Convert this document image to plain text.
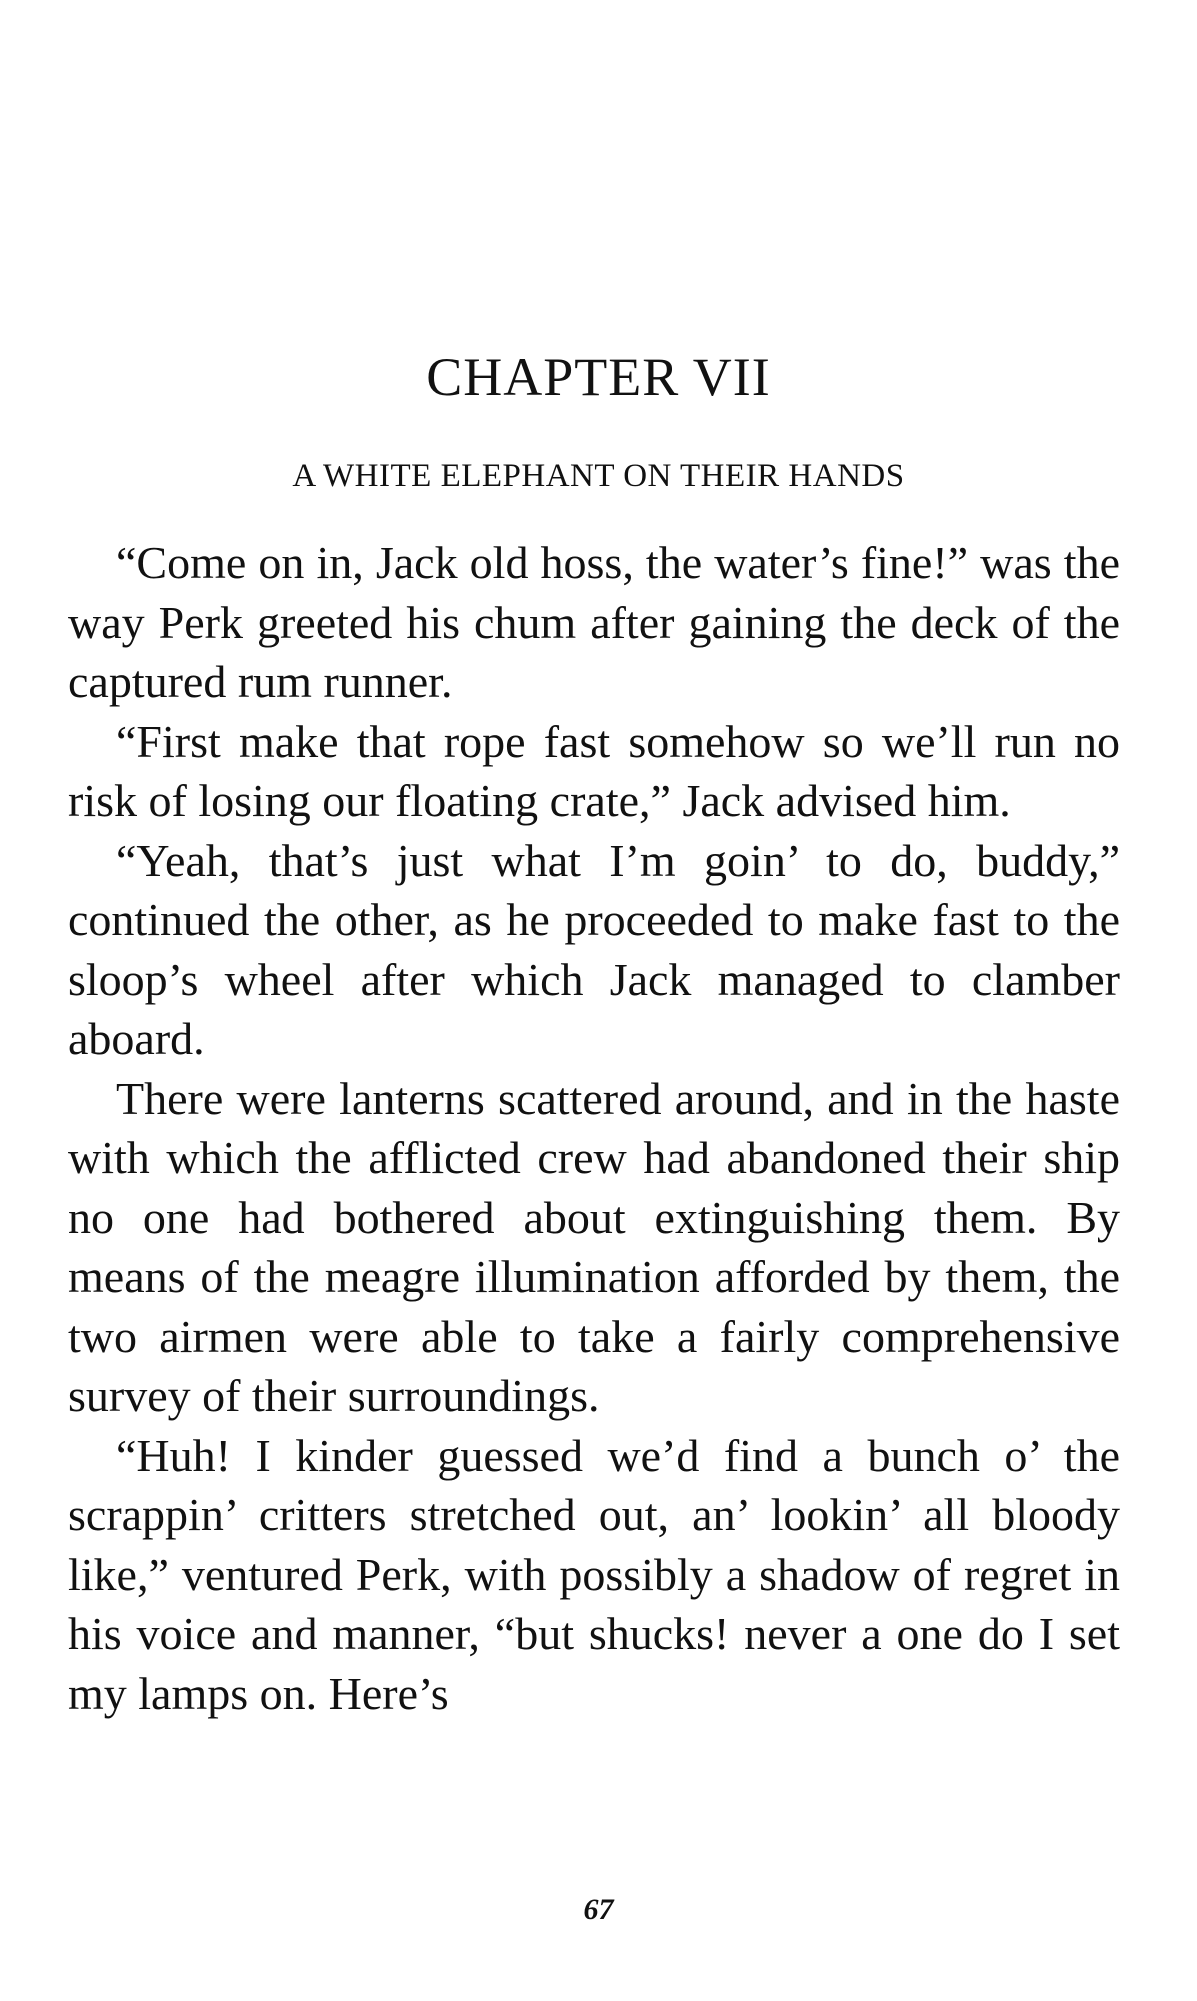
CHAPTER VII
A WHITE ELEPHANT ON THEIR HANDS

“Come on in, Jack old hoss, the water’s fine!” was the way Perk greeted his chum after gaining the deck of the captured rum runner.

“First make that rope fast somehow so we’ll run no risk of losing our floating crate,” Jack advised him.

“Yeah, that’s just what I’m goin’ to do, buddy,” continued the other, as he proceeded to make fast to the sloop’s wheel after which Jack managed to clamber aboard.

There were lanterns scattered around, and in the haste with which the afflicted crew had abandoned their ship no one had bothered about extinguishing them. By means of the meagre illumination afforded by them, the two airmen were able to take a fairly comprehensive survey of their surroundings.

“Huh! I kinder guessed we’d find a bunch o’ the scrappin’ critters stretched out, an’ lookin’ all bloody like,” ventured Perk, with possibly a shadow of regret in his voice and manner, “but shucks! never a one do I set my lamps on. Here’s

67
